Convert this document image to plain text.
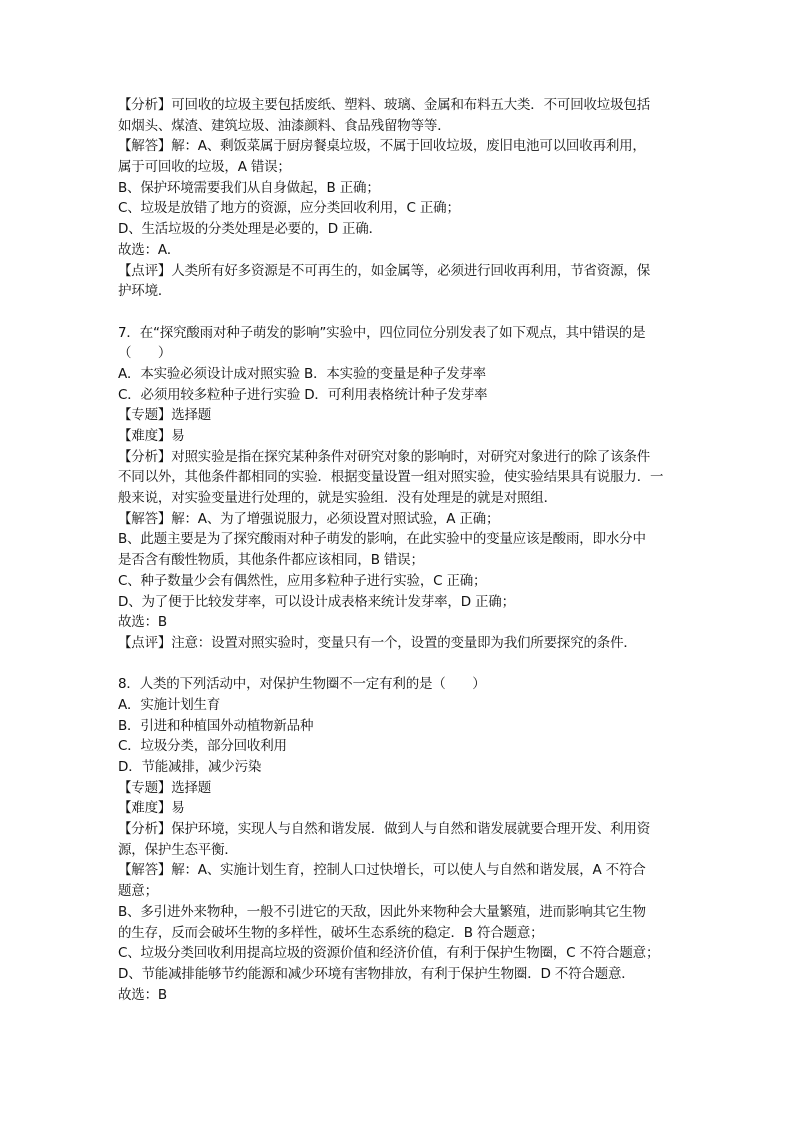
【分析】可回收的垃圾主要包括废纸、塑料、玻璃、金属和布料五大类．不可回收垃圾包括
如烟头、煤渣、建筑垃圾、油漆颜料、食品残留物等等．
【解答】解：A、剩饭菜属于厨房餐桌垃圾，不属于回收垃圾，废旧电池可以回收再利用，
属于可回收的垃圾，A 错误；
B、保护环境需要我们从自身做起，B 正确；
C、垃圾是放错了地方的资源，应分类回收利用，C 正确；
D、生活垃圾的分类处理是必要的，D 正确．
故选：A．
【点评】人类所有好多资源是不可再生的，如金属等，必须进行回收再利用，节省资源，保
护环境．
7．在“探究酸雨对种子萌发的影响”实验中，四位同位分别发表了如下观点，其中错误的是
（　　）
A．本实验必须设计成对照实验 B．本实验的变量是种子发芽率
C．必须用较多粒种子进行实验 D．可利用表格统计种子发芽率
【专题】选择题
【难度】易
【分析】对照实验是指在探究某种条件对研究对象的影响时，对研究对象进行的除了该条件
不同以外，其他条件都相同的实验．根据变量设置一组对照实验，使实验结果具有说服力．一
般来说，对实验变量进行处理的，就是实验组．没有处理是的就是对照组．
【解答】解：A、为了增强说服力，必须设置对照试验，A 正确；
B、此题主要是为了探究酸雨对种子萌发的影响，在此实验中的变量应该是酸雨，即水分中
是否含有酸性物质，其他条件都应该相同，B 错误；
C、种子数量少会有偶然性，应用多粒种子进行实验，C 正确；
D、为了便于比较发芽率，可以设计成表格来统计发芽率，D 正确；
故选：B
【点评】注意：设置对照实验时，变量只有一个，设置的变量即为我们所要探究的条件．
8．人类的下列活动中，对保护生物圈不一定有利的是（　　）
A．实施计划生育
B．引进和种植国外动植物新品种
C．垃圾分类，部分回收利用
D．节能减排，减少污染
【专题】选择题
【难度】易
【分析】保护环境，实现人与自然和谐发展．做到人与自然和谐发展就要合理开发、利用资
源，保护生态平衡．
【解答】解：A、实施计划生育，控制人口过快增长，可以使人与自然和谐发展，A 不符合
题意；
B、多引进外来物种，一般不引进它的天敌，因此外来物种会大量繁殖，进而影响其它生物
的生存，反而会破坏生物的多样性，破坏生态系统的稳定．B 符合题意；
C、垃圾分类回收利用提高垃圾的资源价值和经济价值，有利于保护生物圈，C 不符合题意；
D、节能减排能够节约能源和减少环境有害物排放，有利于保护生物圈．D 不符合题意．
故选：B
